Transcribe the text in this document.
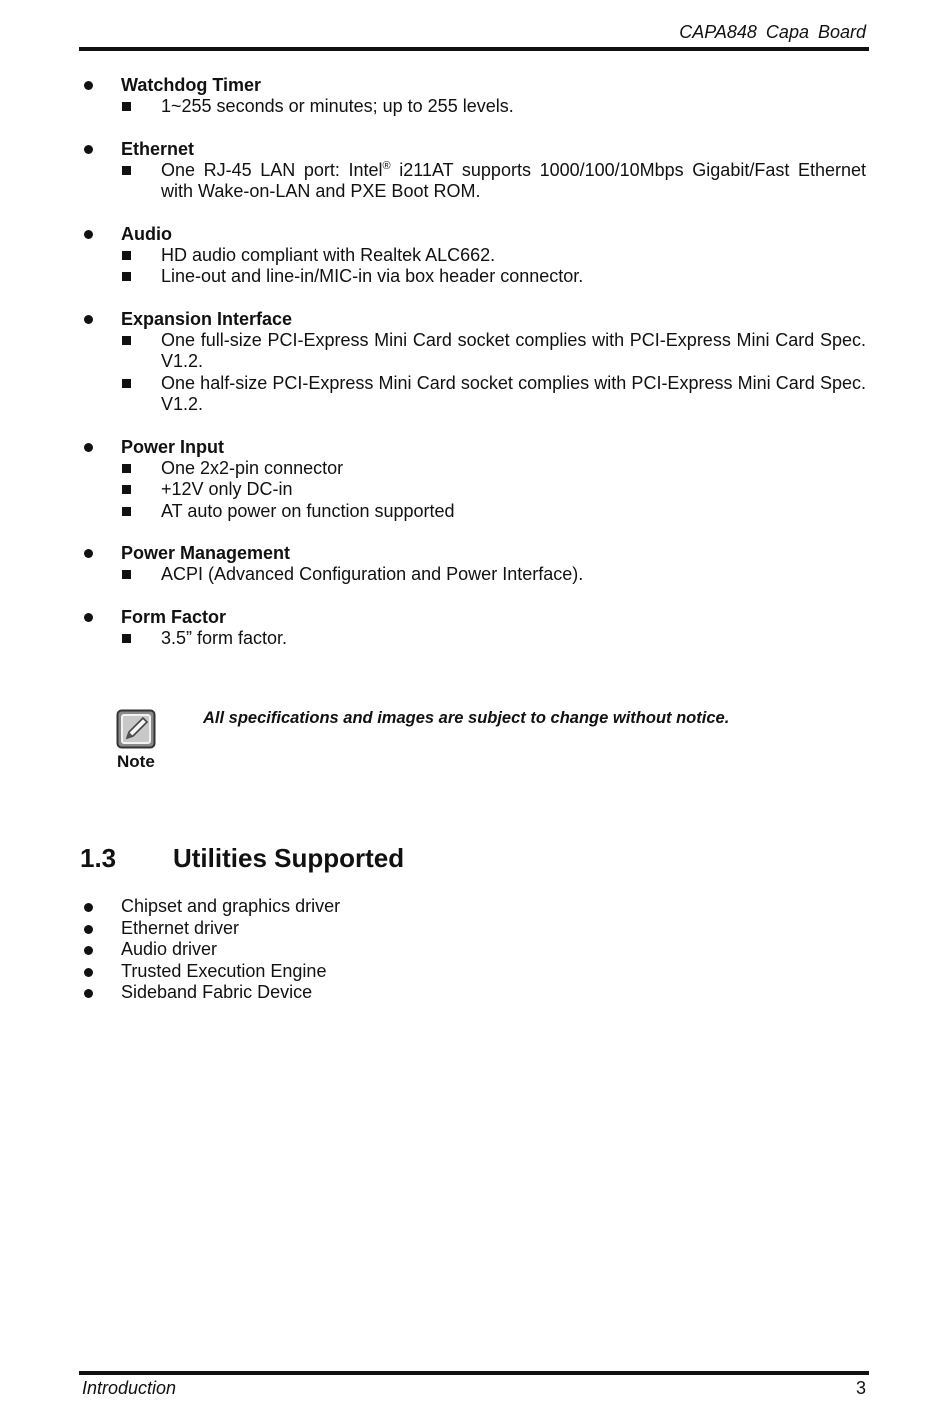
CAPA848 Capa Board
Watchdog Timer
1~255 seconds or minutes; up to 255 levels.
Ethernet
One RJ-45 LAN port: Intel® i211AT supports 1000/100/10Mbps Gigabit/Fast Ethernet with Wake-on-LAN and PXE Boot ROM.
Audio
HD audio compliant with Realtek ALC662.
Line-out and line-in/MIC-in via box header connector.
Expansion Interface
One full-size PCI-Express Mini Card socket complies with PCI-Express Mini Card Spec. V1.2.
One half-size PCI-Express Mini Card socket complies with PCI-Express Mini Card Spec. V1.2.
Power Input
One 2x2-pin connector
+12V only DC-in
AT auto power on function supported
Power Management
ACPI (Advanced Configuration and Power Interface).
Form Factor
3.5” form factor.
Note
All specifications and images are subject to change without notice.
1.3 Utilities Supported
Chipset and graphics driver
Ethernet driver
Audio driver
Trusted Execution Engine
Sideband Fabric Device
Introduction	3
